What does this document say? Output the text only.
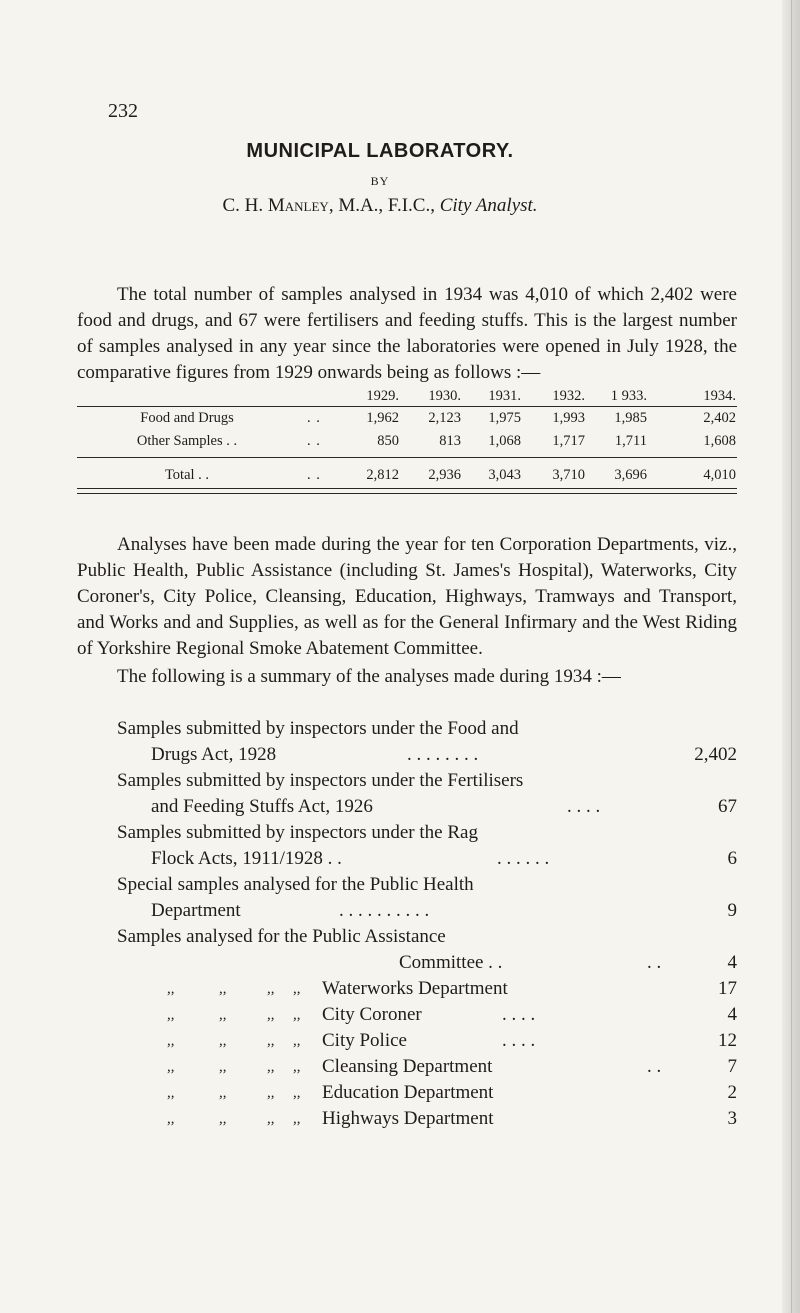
232
MUNICIPAL LABORATORY.
BY
C. H. Manley, M.A., F.I.C., City Analyst.
The total number of samples analysed in 1934 was 4,010 of which 2,402 were food and drugs, and 67 were fertilisers and feeding stuffs. This is the largest number of samples analysed in any year since the laboratories were opened in July 1928, the comparative figures from 1929 onwards being as follows :—
1929.	1930.	1931.	1932.	1 933.	1934.
Food and Drugs	. .	1,962	2,123	1,975	1,993	1,985	2,402
Other Samples . .	. .	850	813	1,068	1,717	1,711	1,608
Total . .	. .	2,812	2,936	3,043	3,710	3,696	4,010
Analyses have been made during the year for ten Corporation Departments, viz., Public Health, Public Assistance (including St. James's Hospital), Waterworks, City Coroner's, City Police, Cleansing, Education, Highways, Tramways and Transport, and Works and and Supplies, as well as for the General Infirmary and the West Riding of Yorkshire Regional Smoke Abatement Committee.
The following is a summary of the analyses made during 1934 :—
Samples submitted by inspectors under the Food and
Drugs Act, 1928	. . . . . . . .	2,402
Samples submitted by inspectors under the Fertilisers
and Feeding Stuffs Act, 1926	. . . .	67
Samples submitted by inspectors under the Rag
Flock Acts, 1911/1928 . .	. . . . . .	6
Special samples analysed for the Public Health
Department	. . . . . . . . . .	9
Samples analysed for the Public Assistance
Committee . .	. .	4
,,	,,	,, ,, Waterworks Department	17
,,	,,	,, ,, City Coroner	. . . .	4
,,	,,	,, ,, City Police	. . . .	12
,,	,,	,, ,, Cleansing Department	. .	7
,,	,,	,, ,, Education Department	2
,,	,,	,, ,, Highways Department	3
